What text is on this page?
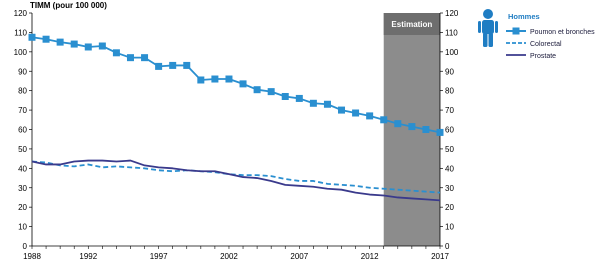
Estimation
0	0
10	10
20	20
30	30
40	40
50	50
60	60
70	70
80	80
90	90
100	100
110	110
120	120
1988	1992	1997	2002	2007	2012	2017
TIMM (pour 100 000)
Hommes
Poumon et bronches
Colorectal
Prostate
